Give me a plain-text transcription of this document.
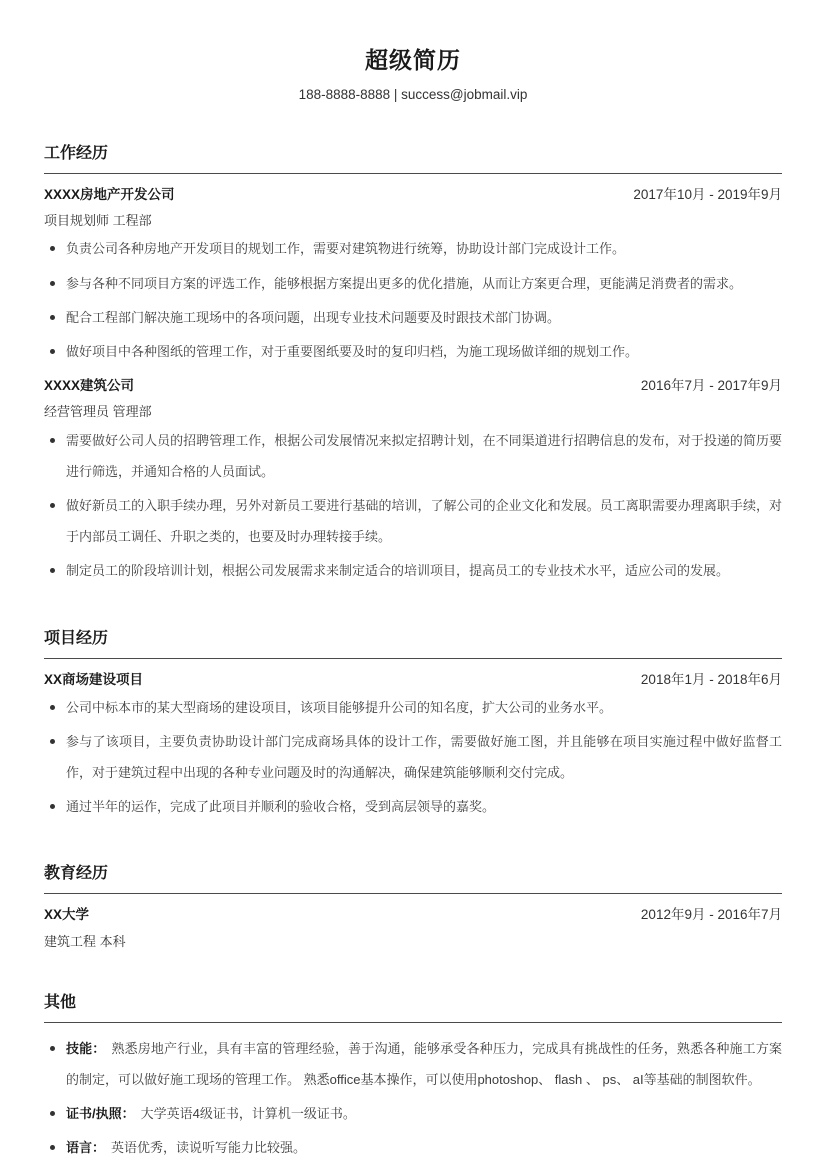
超级简历
188-8888-8888 | success@jobmail.vip
工作经历
XXXX房地产开发公司	2017年10月 - 2019年9月
项目规划师 工程部
负责公司各种房地产开发项目的规划工作，需要对建筑物进行统筹，协助设计部门完成设计工作。
参与各种不同项目方案的评选工作，能够根据方案提出更多的优化措施，从而让方案更合理，更能满足消费者的需求。
配合工程部门解决施工现场中的各项问题，出现专业技术问题要及时跟技术部门协调。
做好项目中各种图纸的管理工作，对于重要图纸要及时的复印归档，为施工现场做详细的规划工作。
XXXX建筑公司	2016年7月 - 2017年9月
经营管理员 管理部
需要做好公司人员的招聘管理工作，根据公司发展情况来拟定招聘计划，在不同渠道进行招聘信息的发布，对于投递的简历要进行筛选，并通知合格的人员面试。
做好新员工的入职手续办理，另外对新员工要进行基础的培训，了解公司的企业文化和发展。员工离职需要办理离职手续，对于内部员工调任、升职之类的，也要及时办理转接手续。
制定员工的阶段培训计划，根据公司发展需求来制定适合的培训项目，提高员工的专业技术水平，适应公司的发展。
项目经历
XX商场建设项目	2018年1月 - 2018年6月
公司中标本市的某大型商场的建设项目，该项目能够提升公司的知名度，扩大公司的业务水平。
参与了该项目，主要负责协助设计部门完成商场具体的设计工作，需要做好施工图，并且能够在项目实施过程中做好监督工作，对于建筑过程中出现的各种专业问题及时的沟通解决，确保建筑能够顺利交付完成。
通过半年的运作，完成了此项目并顺利的验收合格，受到高层领导的嘉奖。
教育经历
XX大学	2012年9月 - 2016年7月
建筑工程 本科
其他
技能： 熟悉房地产行业，具有丰富的管理经验，善于沟通，能够承受各种压力，完成具有挑战性的任务，熟悉各种施工方案的制定，可以做好施工现场的管理工作。 熟悉office基本操作，可以使用photoshop、 flash 、 ps、 aI等基础的制图软件。
证书/执照： 大学英语4级证书，计算机一级证书。
语言： 英语优秀，读说听写能力比较强。
